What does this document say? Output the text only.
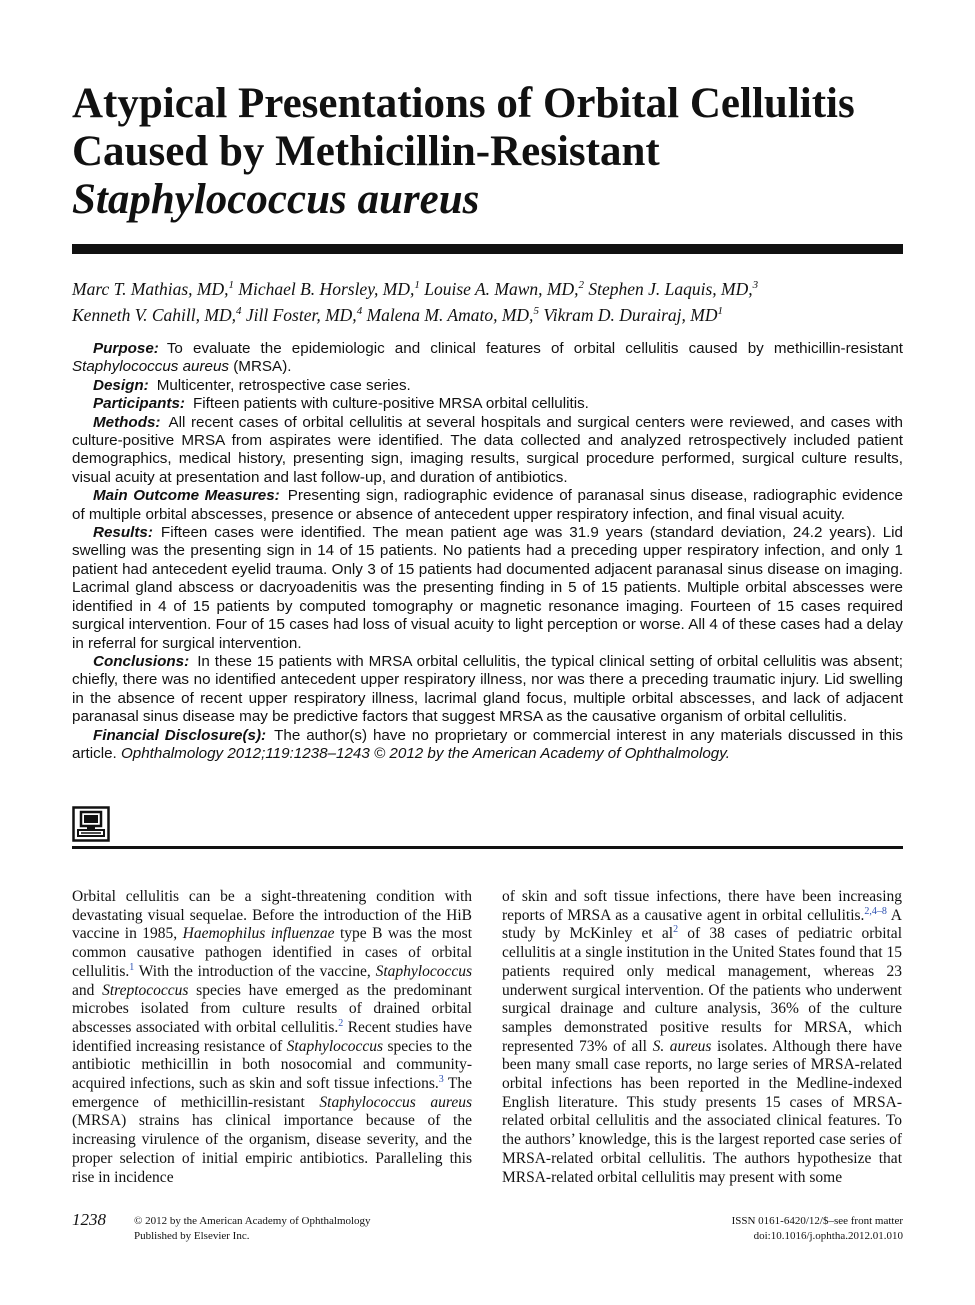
Atypical Presentations of Orbital Cellulitis
Caused by Methicillin-Resistant
Staphylococcus aureus
Marc T. Mathias, MD,$^1$ Michael B. Horsley, MD,$^1$ Louise A. Mawn, MD,$^2$ Stephen J. Laquis, MD,$^3$
Kenneth V. Cahill, MD,$^4$ Jill Foster, MD,$^4$ Malena M. Amato, MD,$^5$ Vikram D. Durairaj, $MD^1$

Purpose: To evaluate the epidemiologic and clinical features of orbital cellulitis caused by methicillin-resistant Staphylococcus aureus (MRSA).

Design: Multicenter, retrospective case series.

Participants: Fifteen patients with culture-positive MRSA orbital cellulitis.

Methods: All recent cases of orbital cellulitis at several hospitals and surgical centers were reviewed, and cases with culture-positive MRSA from aspirates were identified. The data collected and analyzed retrospectively included patient demographics, medical history, presenting sign, imaging results, surgical procedure performed, surgical culture results, visual acuity at presentation and last follow-up, and duration of antibiotics.

Main Outcome Measures: Presenting sign, radiographic evidence of paranasal sinus disease, radiographic evidence of multiple orbital abscesses, presence or absence of antecedent upper respiratory infection, and final visual acuity.

Results: Fifteen cases were identified. The mean patient age was 31.9 years (standard deviation, 24.2 years). Lid swelling was the presenting sign in 14 of 15 patients. No patients had a preceding upper respiratory infection, and only 1 patient had antecedent eyelid trauma. Only 3 of 15 patients had documented adjacent paranasal sinus disease on imaging. Lacrimal gland abscess or dacryoadenitis was the presenting finding in 5 of 15 patients. Multiple orbital abscesses were identified in 4 of 15 patients by computed tomography or magnetic resonance imaging. Fourteen of 15 cases required surgical intervention. Four of 15 cases had loss of visual acuity to light perception or worse. All 4 of these cases had a delay in referral for surgical intervention.

Conclusions: In these 15 patients with MRSA orbital cellulitis, the typical clinical setting of orbital cellulitis was absent; chiefly, there was no identified antecedent upper respiratory illness, nor was there a preceding traumatic injury. Lid swelling in the absence of recent upper respiratory illness, lacrimal gland focus, multiple orbital abscesses, and lack of adjacent paranasal sinus disease may be predictive factors that suggest MRSA as the causative organism of orbital cellulitis.

Financial Disclosure(s): The author(s) have no proprietary or commercial interest in any materials discussed in this article. Ophthalmology 2012;119:1238–1243 © 2012 by the American Academy of Ophthalmology.

Orbital cellulitis can be a sight-threatening condition with devastating visual sequelae. Before the introduction of the HiB vaccine in 1985, Haemophilus influenzae type B was the most common causative pathogen identified in cases of orbital cellulitis.$^1$ With the introduction of the vaccine, Staphylococcus and Streptococcus species have emerged as the predominant microbes isolated from culture results of drained orbital abscesses associated with orbital cellulitis.$^2$ Recent studies have identified increasing resistance of Staphylococcus species to the antibiotic methicillin in both nosocomial and community-acquired infections, such as skin and soft tissue infections.$^3$ The emergence of methicillin-resistant Staphylococcus aureus (MRSA) strains has clinical importance because of the increasing virulence of the organism, disease severity, and the proper selection of initial empiric antibiotics. Paralleling this rise in incidence

of skin and soft tissue infections, there have been increasing reports of MRSA as a causative agent in orbital cellulitis.$^{2,4-8}$ A study by McKinley et $al^2$ of 38 cases of pediatric orbital cellulitis at a single institution in the United States found that 15 patients required only medical management, whereas 23 underwent surgical intervention. Of the patients who underwent surgical drainage and culture analysis, 36% of the culture samples demonstrated positive results for MRSA, which represented 73% of all S. aureus isolates. Although there have been many small case reports, no large series of MRSA-related orbital infections has been reported in the Medline-indexed English literature. This study presents 15 cases of MRSA-related orbital cellulitis and the associated clinical features. To the authors’ knowledge, this is the largest reported case series of MRSA-related orbital cellulitis. The authors hypothesize that MRSA-related orbital cellulitis may present with some

1238	© 2012 by the American Academy of Ophthalmology
Published by Elsevier Inc.
ISSN 0161-6420/12/$–see front matter
doi:10.1016/j.ophtha.2012.01.010
